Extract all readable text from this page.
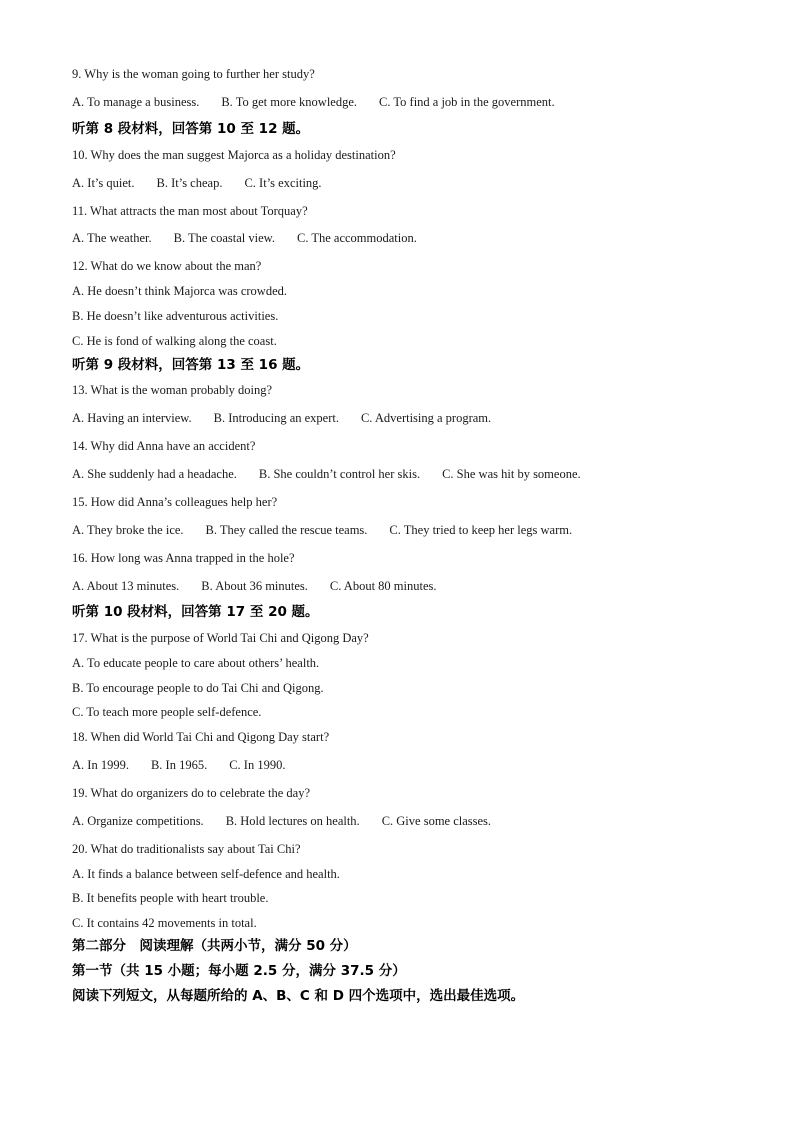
9. Why is the woman going to further her study?
A. To manage a business. B. To get more knowledge. C. To find a job in the government.
听第 8 段材料，回答第 10 至 12 题。
10. Why does the man suggest Majorca as a holiday destination?
A. It’s quiet. B. It’s cheap. C. It’s exciting.
11. What attracts the man most about Torquay?
A. The weather. B. The coastal view. C. The accommodation.
12. What do we know about the man?
A. He doesn’t think Majorca was crowded.
B. He doesn’t like adventurous activities.
C. He is fond of walking along the coast.
听第 9 段材料，回答第 13 至 16 题。
13. What is the woman probably doing?
A. Having an interview. B. Introducing an expert. C. Advertising a program.
14. Why did Anna have an accident?
A. She suddenly had a headache. B. She couldn’t control her skis. C. She was hit by someone.
15. How did Anna’s colleagues help her?
A. They broke the ice. B. They called the rescue teams. C. They tried to keep her legs warm.
16. How long was Anna trapped in the hole?
A. About 13 minutes. B. About 36 minutes. C. About 80 minutes.
听第 10 段材料，回答第 17 至 20 题。
17. What is the purpose of World Tai Chi and Qigong Day?
A. To educate people to care about others’ health.
B. To encourage people to do Tai Chi and Qigong.
C. To teach more people self-defence.
18. When did World Tai Chi and Qigong Day start?
A. In 1999. B. In 1965. C. In 1990.
19. What do organizers do to celebrate the day?
A. Organize competitions. B. Hold lectures on health. C. Give some classes.
20. What do traditionalists say about Tai Chi?
A. It finds a balance between self-defence and health.
B. It benefits people with heart trouble.
C. It contains 42 movements in total.
第二部分　阅读理解（共两小节，满分 50 分）
第一节（共 15 小题；每小题 2.5 分，满分 37.5 分）
阅读下列短文，从每题所给的 A、B、C 和 D 四个选项中，选出最佳选项。
